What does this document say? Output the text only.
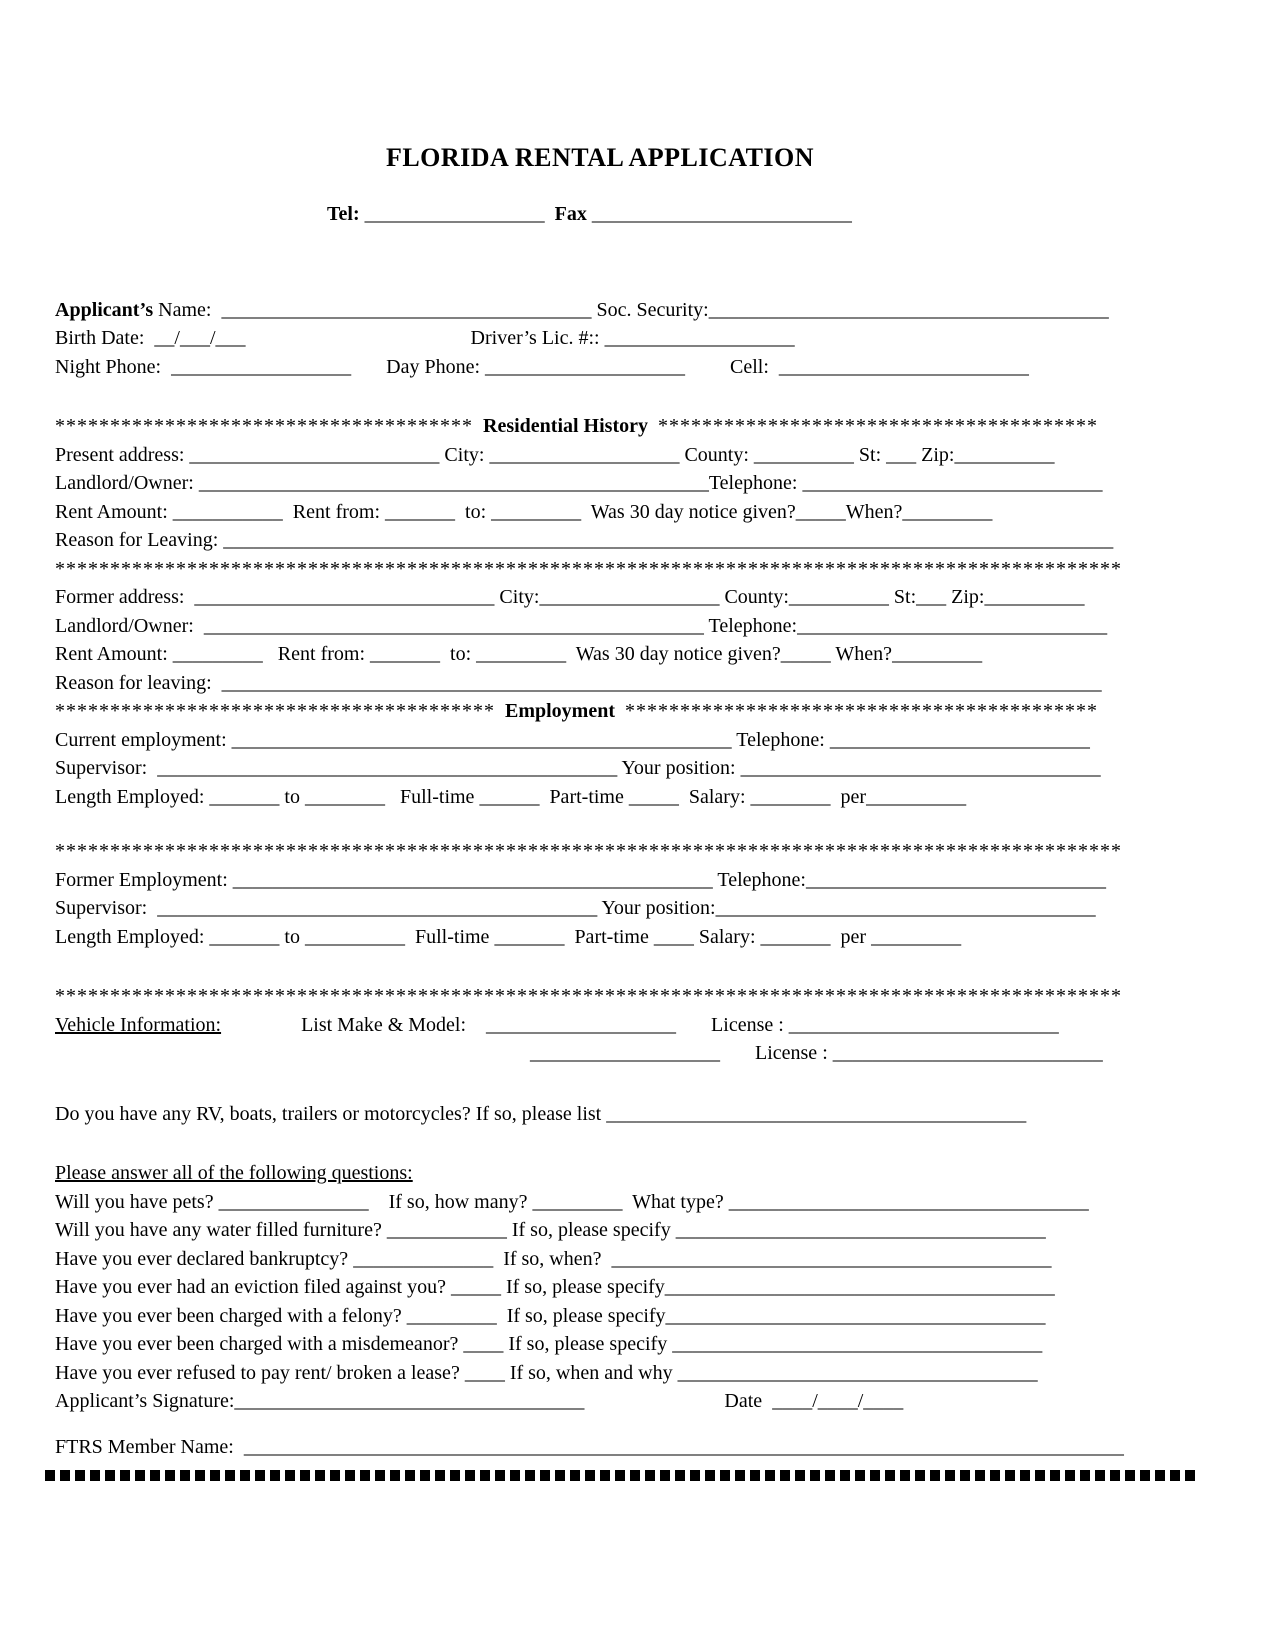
FLORIDA RENTAL APPLICATION
Tel: __________________ Fax __________________________
Applicant’s Name:  _____________________________________ Soc. Security:________________________________________
Birth Date:  __/___/___	Driver’s Lic. #:: ___________________
Night Phone:  __________________ Day Phone: ____________________ Cell:  _________________________
**************************************  Residential History  ****************************************
Present address: _________________________ City: ___________________ County: __________ St: ___ Zip:__________
Landlord/Owner: ___________________________________________________Telephone: ______________________________
Rent Amount: ___________  Rent from: _______  to: _________  Was 30 day notice given?_____When?_________
Reason for Leaving: _________________________________________________________________________________________
*************************************************************************************************
Former address:  ______________________________ City:__________________ County:__________ St:___ Zip:__________
Landlord/Owner:  __________________________________________________ Telephone:_______________________________
Rent Amount: _________   Rent from: _______  to: _________  Was 30 day notice given?_____ When?_________
Reason for leaving:  ________________________________________________________________________________________
****************************************  Employment  *******************************************
Current employment: __________________________________________________ Telephone: __________________________
Supervisor:  ______________________________________________ Your position: ____________________________________
Length Employed: _______ to ________   Full-time ______  Part-time _____  Salary: ________  per__________
*************************************************************************************************
Former Employment: ________________________________________________ Telephone:______________________________
Supervisor:  ____________________________________________ Your position:______________________________________
Length Employed: _______ to __________  Full-time _______  Part-time ____ Salary: _______  per _________
*************************************************************************************************
Vehicle Information:	List Make & Model:    ___________________ License : ___________________________
___________________ License : ___________________________
Do you have any RV, boats, trailers or motorcycles? If so, please list __________________________________________
Please answer all of the following questions:
Will you have pets? _______________    If so, how many? _________  What type? ____________________________________
Will you have any water filled furniture? ____________ If so, please specify _____________________________________
Have you ever declared bankruptcy? ______________  If so, when?  ____________________________________________
Have you ever had an eviction filed against you? _____ If so, please specify_______________________________________
Have you ever been charged with a felony? _________  If so, please specify______________________________________
Have you ever been charged with a misdemeanor? ____ If so, please specify _____________________________________
Have you ever refused to pay rent/ broken a lease? ____ If so, when and why ____________________________________
Applicant’s Signature:___________________________________	Date  ____/____/____
FTRS Member Name:  ________________________________________________________________________________________
